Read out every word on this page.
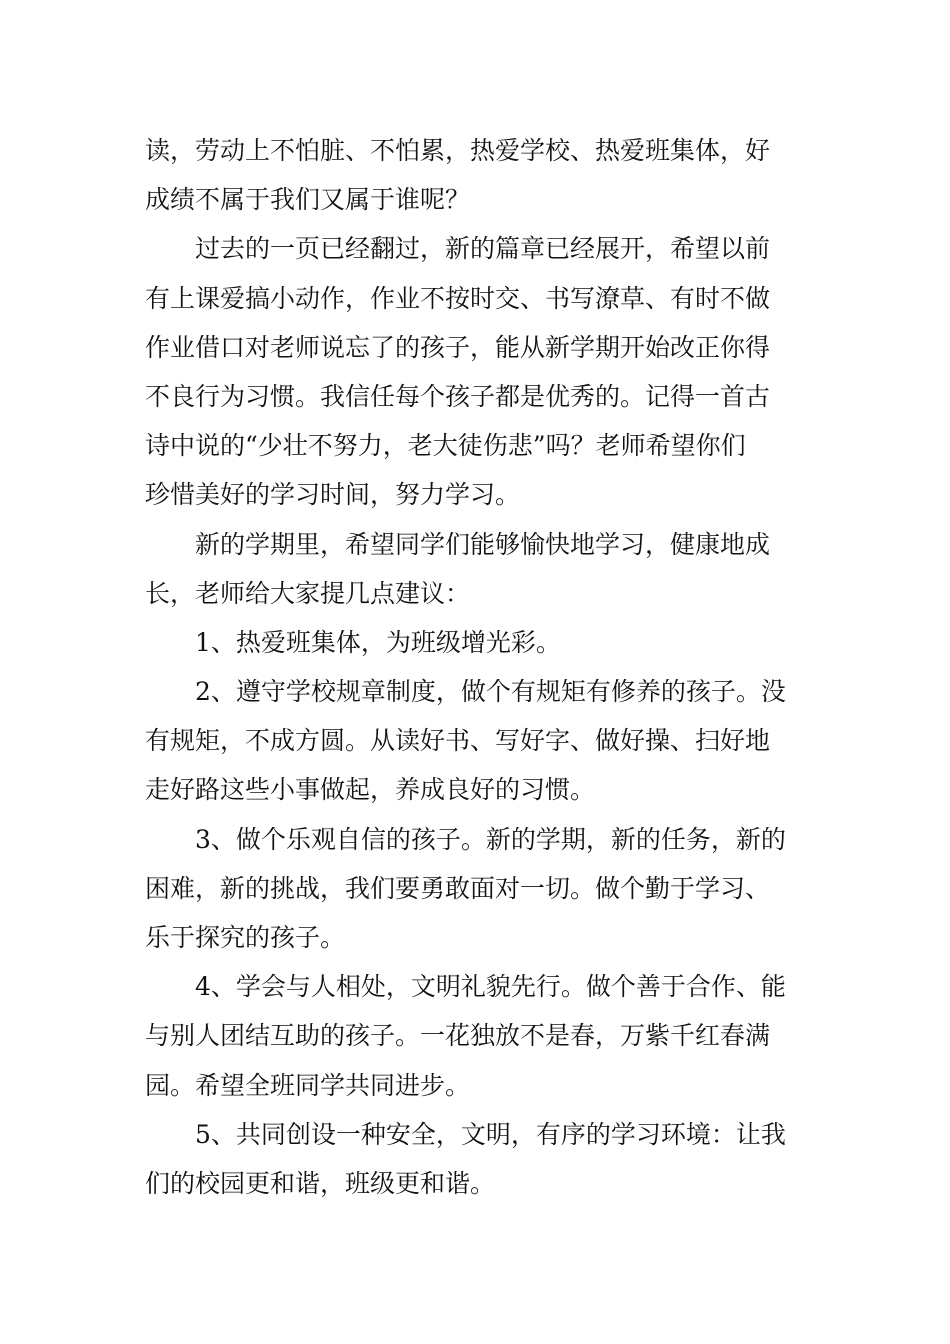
读，劳动上不怕脏、不怕累，热爱学校、热爱班集体，好

成绩不属于我们又属于谁呢？

过去的一页已经翻过，新的篇章已经展开，希望以前

有上课爱搞小动作，作业不按时交、书写潦草、有时不做

作业借口对老师说忘了的孩子，能从新学期开始改正你得

不良行为习惯。我信任每个孩子都是优秀的。记得一首古

诗中说的“少壮不努力，老大徒伤悲”吗？老师希望你们

珍惜美好的学习时间，努力学习。

新的学期里，希望同学们能够愉快地学习，健康地成

长，老师给大家提几点建议：

1、热爱班集体，为班级增光彩。

2、遵守学校规章制度，做个有规矩有修养的孩子。没

有规矩，不成方圆。从读好书、写好字、做好操、扫好地

走好路这些小事做起，养成良好的习惯。

3、做个乐观自信的孩子。新的学期，新的任务，新的

困难，新的挑战，我们要勇敢面对一切。做个勤于学习、

乐于探究的孩子。

4、学会与人相处，文明礼貌先行。做个善于合作、能

与别人团结互助的孩子。一花独放不是春，万紫千红春满

园。希望全班同学共同进步。

5、共同创设一种安全，文明，有序的学习环境：让我

们的校园更和谐，班级更和谐。
